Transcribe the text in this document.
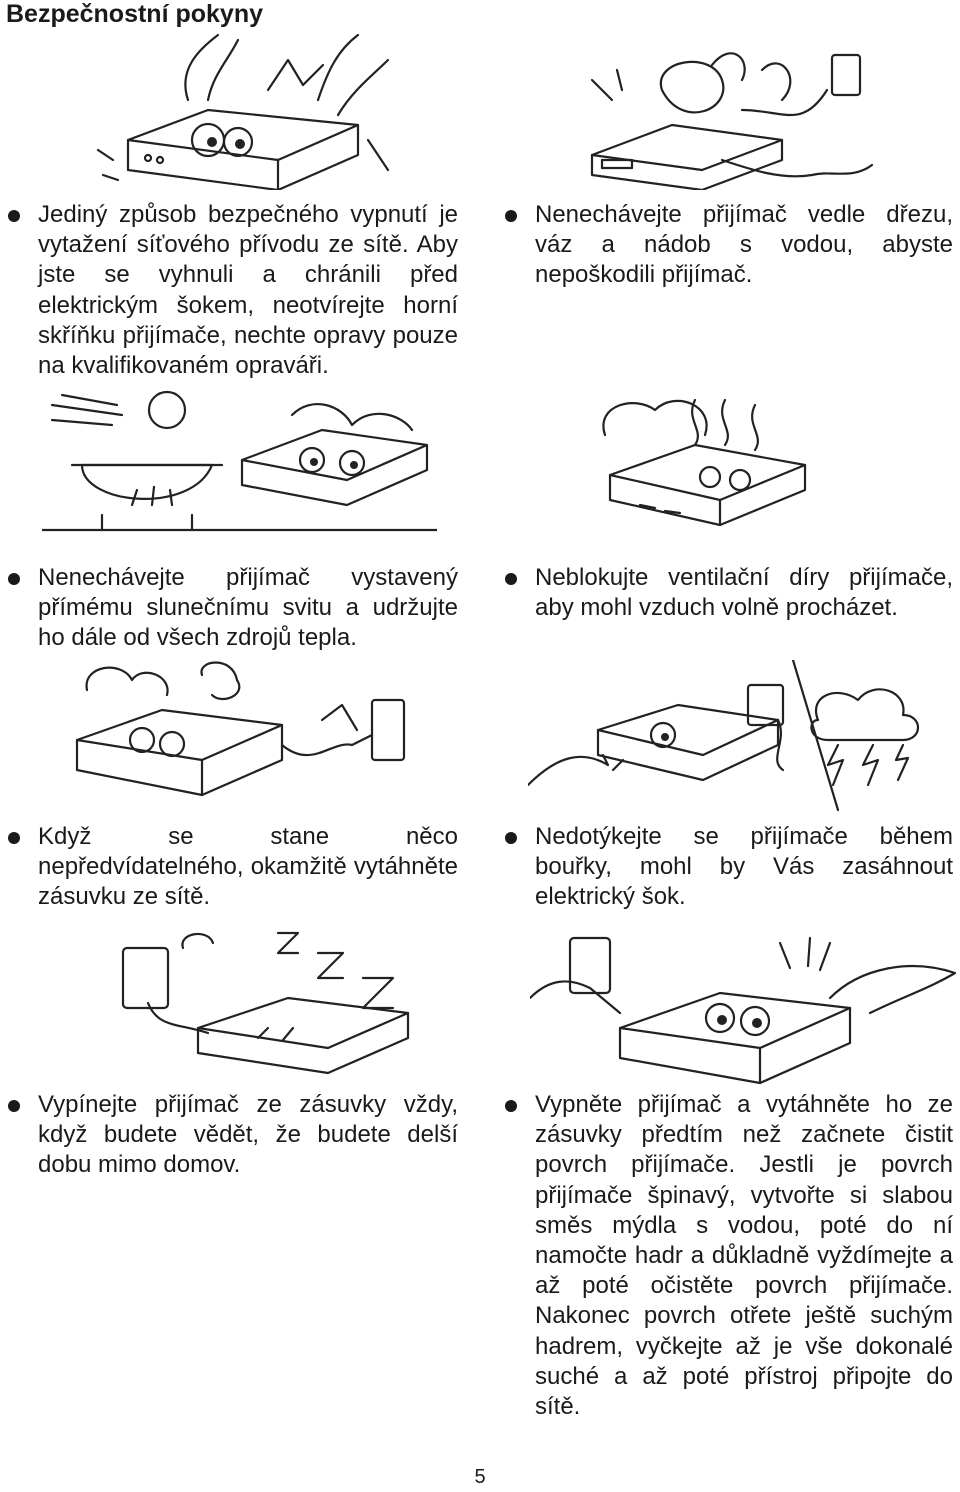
Bezpečnostní pokyny
Jediný způsob bezpečného vypnutí je vytažení síťového přívodu ze sítě. Aby jste se vyhnuli a chránili před elektrickým šokem, neotvírejte horní skříňku přijímače, nechte opravy pouze na kvalifikovaném opraváři.
Nenechávejte přijímač vedle dřezu, váz a nádob s vodou, abyste nepoškodili přijímač.
Nenechávejte přijímač vystavený přímému slunečnímu svitu a udržujte ho dále od všech zdrojů tepla.
Neblokujte ventilační díry přijímače, aby mohl vzduch volně procházet.
Když se stane něco nepředvídatelného, okamžitě vytáhněte zásuvku ze sítě.
Nedotýkejte se přijímače během bouřky, mohl by Vás zasáhnout elektrický šok.
Vypínejte přijímač ze zásuvky vždy, když budete vědět, že budete delší dobu mimo domov.
Vypněte přijímač a vytáhněte ho ze zásuvky předtím než začnete čistit povrch přijímače. Jestli je povrch přijímače špinavý, vytvořte si slabou směs mýdla s vodou, poté do ní namočte hadr a důkladně vyždímejte a až poté očistěte povrch přijímače. Nakonec povrch otřete ještě suchým hadrem, vyčkejte až je vše dokonalé suché a až poté přístroj připojte do sítě.
5
